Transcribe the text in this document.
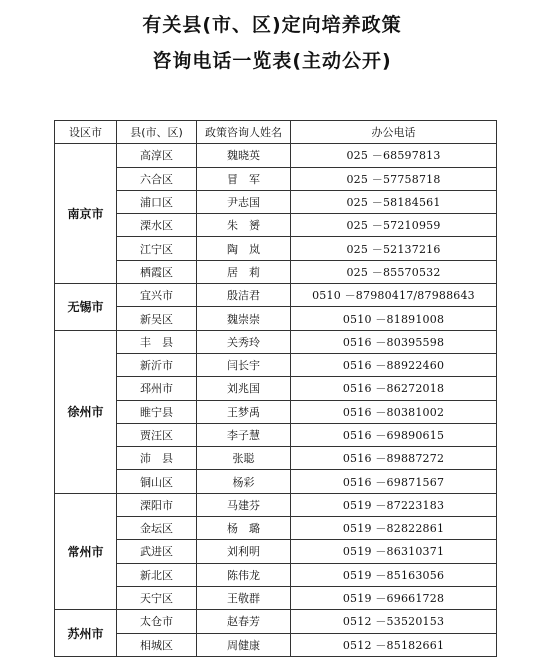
有关县(市、区)定向培养政策
咨询电话一览表(主动公开)
设区市	县(市、区)	政策咨询人姓名	办公电话
南京市	高淳区	魏晓英	025 －68597813
	六合区	冒　军	025 －57758718
	浦口区	尹志国	025 －58184561
	溧水区	朱　赟	025 －57210959
	江宁区	陶　岚	025 －52137216
	栖霞区	居　莉	025 －85570532
无锡市	宜兴市	殷洁君	0510 －87980417/87988643
	新吴区	魏崇崇	0510 －81891008
徐州市	丰　县	关秀玲	0516 －80395598
	新沂市	闫长宇	0516 －88922460
	邳州市	刘兆国	0516 －86272018
	睢宁县	王梦禹	0516 －80381002
	贾汪区	李子慧	0516 －69890615
	沛　县	张聪	0516 －89887272
	铜山区	杨彩	0516 －69871567
常州市	溧阳市	马建芬	0519 －87223183
	金坛区	杨　璐	0519 －82822861
	武进区	刘利明	0519 －86310371
	新北区	陈伟龙	0519 －85163056
	天宁区	王敬群	0519 －69661728
苏州市	太仓市	赵春芳	0512 －53520153
	相城区	周健康	0512 －85182661
